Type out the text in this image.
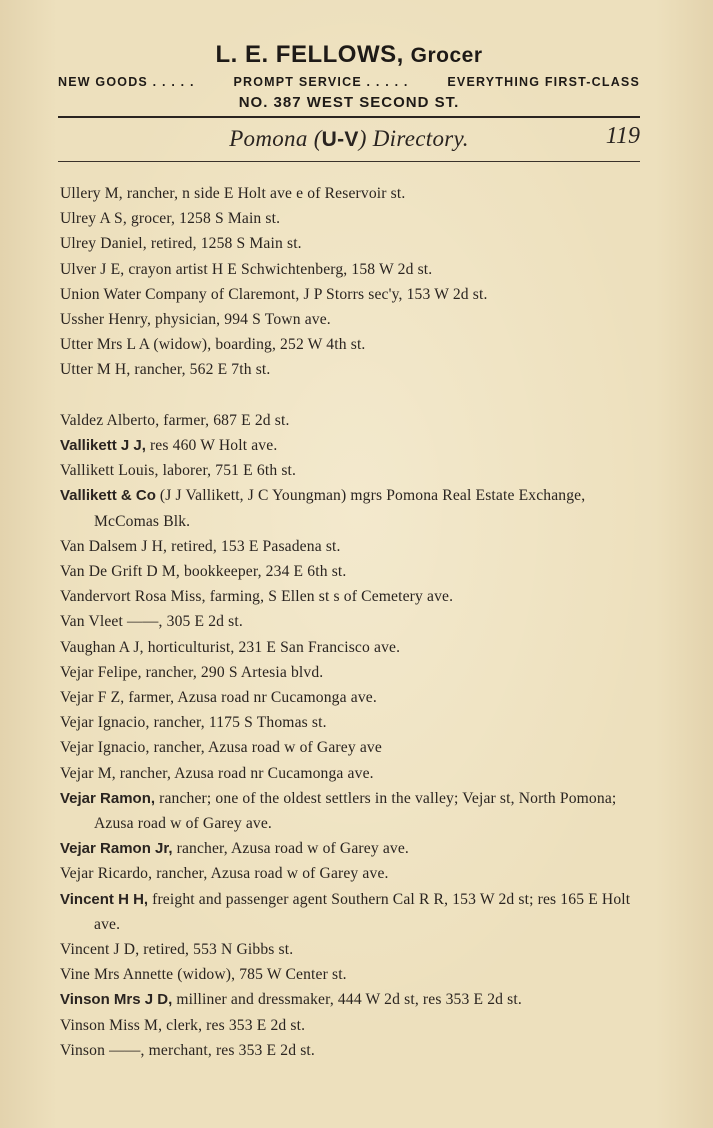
L. E. FELLOWS, Grocer
NEW GOODS . . . . .	PROMPT SERVICE . . . . .	EVERYTHING FIRST-CLASS
NO. 387 WEST SECOND ST.
Pomona (U-V) Directory.	119
Ullery M, rancher, n side E Holt ave e of Reservoir st.
Ulrey A S, grocer, 1258 S Main st.
Ulrey Daniel, retired, 1258 S Main st.
Ulver J E, crayon artist H E Schwichtenberg, 158 W 2d st.
Union Water Company of Claremont, J P Storrs sec'y, 153 W 2d st.
Ussher Henry, physician, 994 S Town ave.
Utter Mrs L A (widow), boarding, 252 W 4th st.
Utter M H, rancher, 562 E 7th st.
Valdez Alberto, farmer, 687 E 2d st.
Vallikett J J, res 460 W Holt ave.
Vallikett Louis, laborer, 751 E 6th st.
Vallikett & Co (J J Vallikett, J C Youngman) mgrs Pomona Real Estate Exchange, McComas Blk.
Van Dalsem J H, retired, 153 E Pasadena st.
Van De Grift D M, bookkeeper, 234 E 6th st.
Vandervort Rosa Miss, farming, S Ellen st s of Cemetery ave.
Van Vleet ——, 305 E 2d st.
Vaughan A J, horticulturist, 231 E San Francisco ave.
Vejar Felipe, rancher, 290 S Artesia blvd.
Vejar F Z, farmer, Azusa road nr Cucamonga ave.
Vejar Ignacio, rancher, 1175 S Thomas st.
Vejar Ignacio, rancher, Azusa road w of Garey ave
Vejar M, rancher, Azusa road nr Cucamonga ave.
Vejar Ramon, rancher; one of the oldest settlers in the valley; Vejar st, North Pomona; Azusa road w of Garey ave.
Vejar Ramon Jr, rancher, Azusa road w of Garey ave.
Vejar Ricardo, rancher, Azusa road w of Garey ave.
Vincent H H, freight and passenger agent Southern Cal R R, 153 W 2d st; res 165 E Holt ave.
Vincent J D, retired, 553 N Gibbs st.
Vine Mrs Annette (widow), 785 W Center st.
Vinson Mrs J D, milliner and dressmaker, 444 W 2d st, res 353 E 2d st.
Vinson Miss M, clerk, res 353 E 2d st.
Vinson ——, merchant, res 353 E 2d st.
